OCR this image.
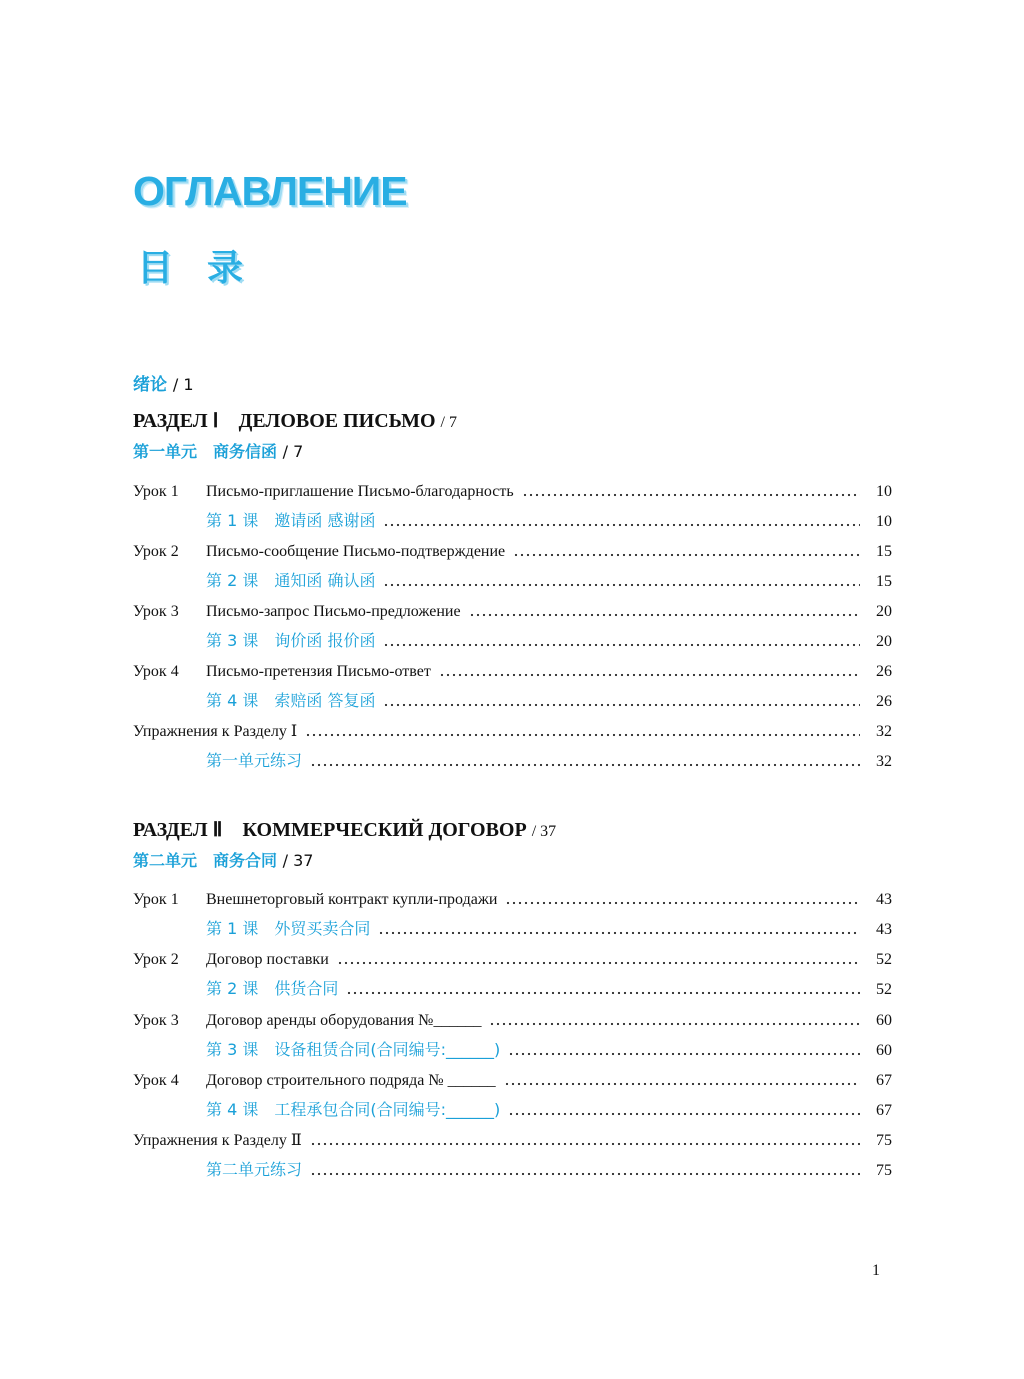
ОГЛАВЛЕНИЕ
目录
绪论 / 1
РАЗДЕЛ Ⅰ　ДЕЛОВОЕ ПИСЬМО / 7
第一单元　商务信函 / 7
Урок 1	Письмо-приглашение Письмо-благодарность	10
第 1 课　邀请函 感谢函	10
Урок 2	Письмо-сообщение Письмо-подтверждение	15
第 2 课　通知函 确认函	15
Урок 3	Письмо-запрос Письмо-предложение	20
第 3 课　询价函 报价函	20
Урок 4	Письмо-претензия Письмо-ответ	26
第 4 课　索赔函 答复函	26
Упражнения к Разделу Ⅰ	32
第一单元练习	32
РАЗДЕЛ Ⅱ　КОММЕРЧЕСКИЙ ДОГОВОР / 37
第二单元　商务合同 / 37
Урок 1	Внешнеторговый контракт купли-продажи	43
第 1 课　外贸买卖合同	43
Урок 2	Договор поставки	52
第 2 课　供货合同	52
Урок 3	Договор аренды оборудования №______	60
第 3 课　设备租赁合同(合同编号:______)	60
Урок 4	Договор строительного подряда № ______	67
第 4 课　工程承包合同(合同编号:______)	67
Упражнения к Разделу Ⅱ	75
第二单元练习	75
1
